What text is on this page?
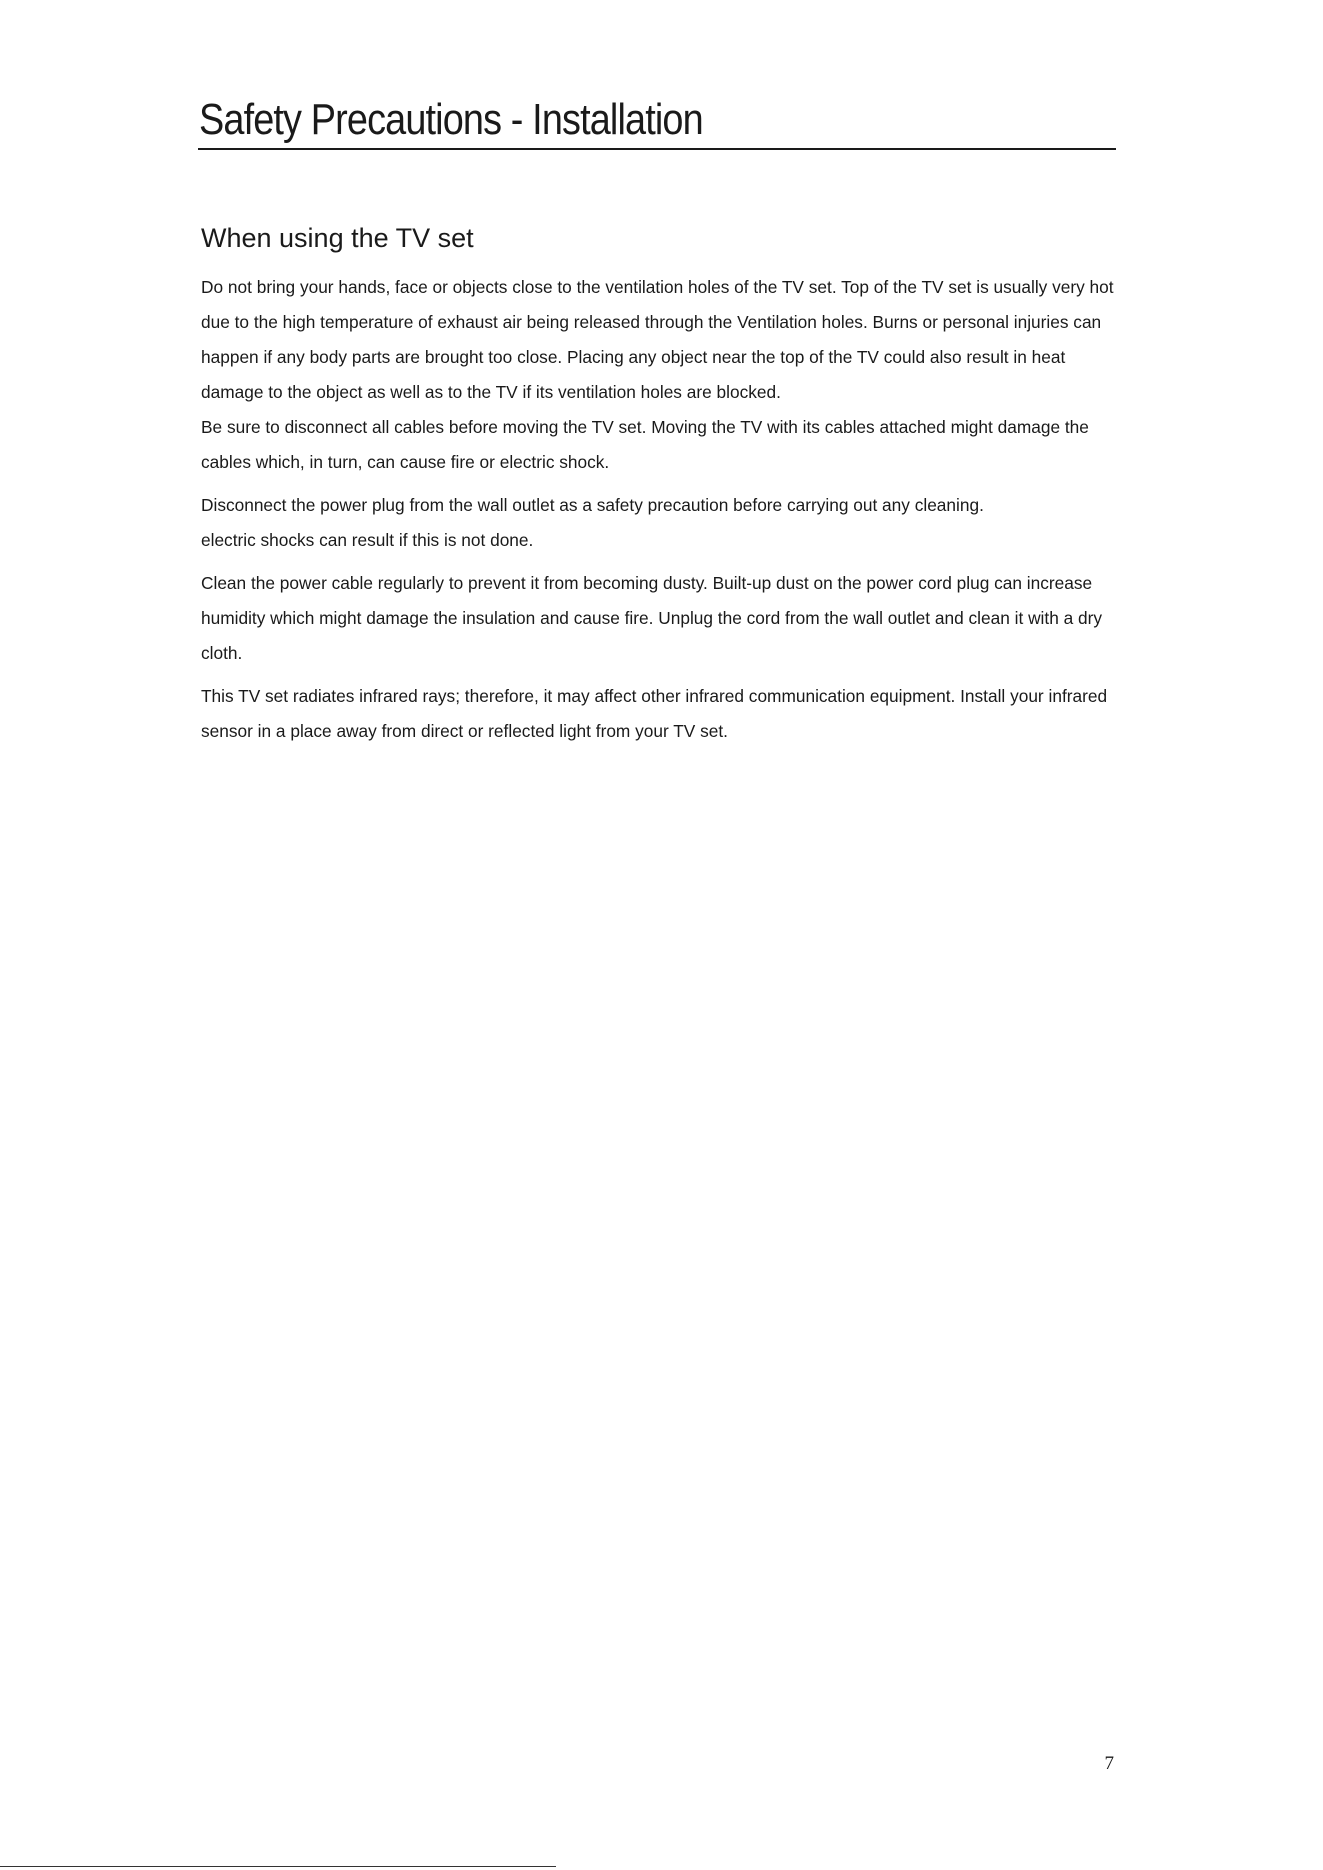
Safety Precautions - Installation
When using the TV set

Do not bring your hands, face or objects close to the ventilation holes of the TV set. Top of the TV set is usually very hot due to the high temperature of exhaust air being released through the Ventilation holes. Burns or personal injuries can happen if any body parts are brought too close. Placing any object near the top of the TV could also result in heat damage to the object as well as to the TV if its ventilation holes are blocked.

Be sure to disconnect all cables before moving the TV set. Moving the TV with its cables attached might damage the cables which, in turn, can cause fire or electric shock.

Disconnect the power plug from the wall outlet as a safety precaution before carrying out any cleaning.

electric shocks can result if this is not done.

Clean the power cable regularly to prevent it from becoming dusty. Built-up dust on the power cord plug can increase humidity which might damage the insulation and cause fire. Unplug the cord from the wall outlet and clean it with a dry cloth.

This TV set radiates infrared rays; therefore, it may affect other infrared communication equipment. Install your infrared sensor in a place away from direct or reflected light from your TV set.

7
